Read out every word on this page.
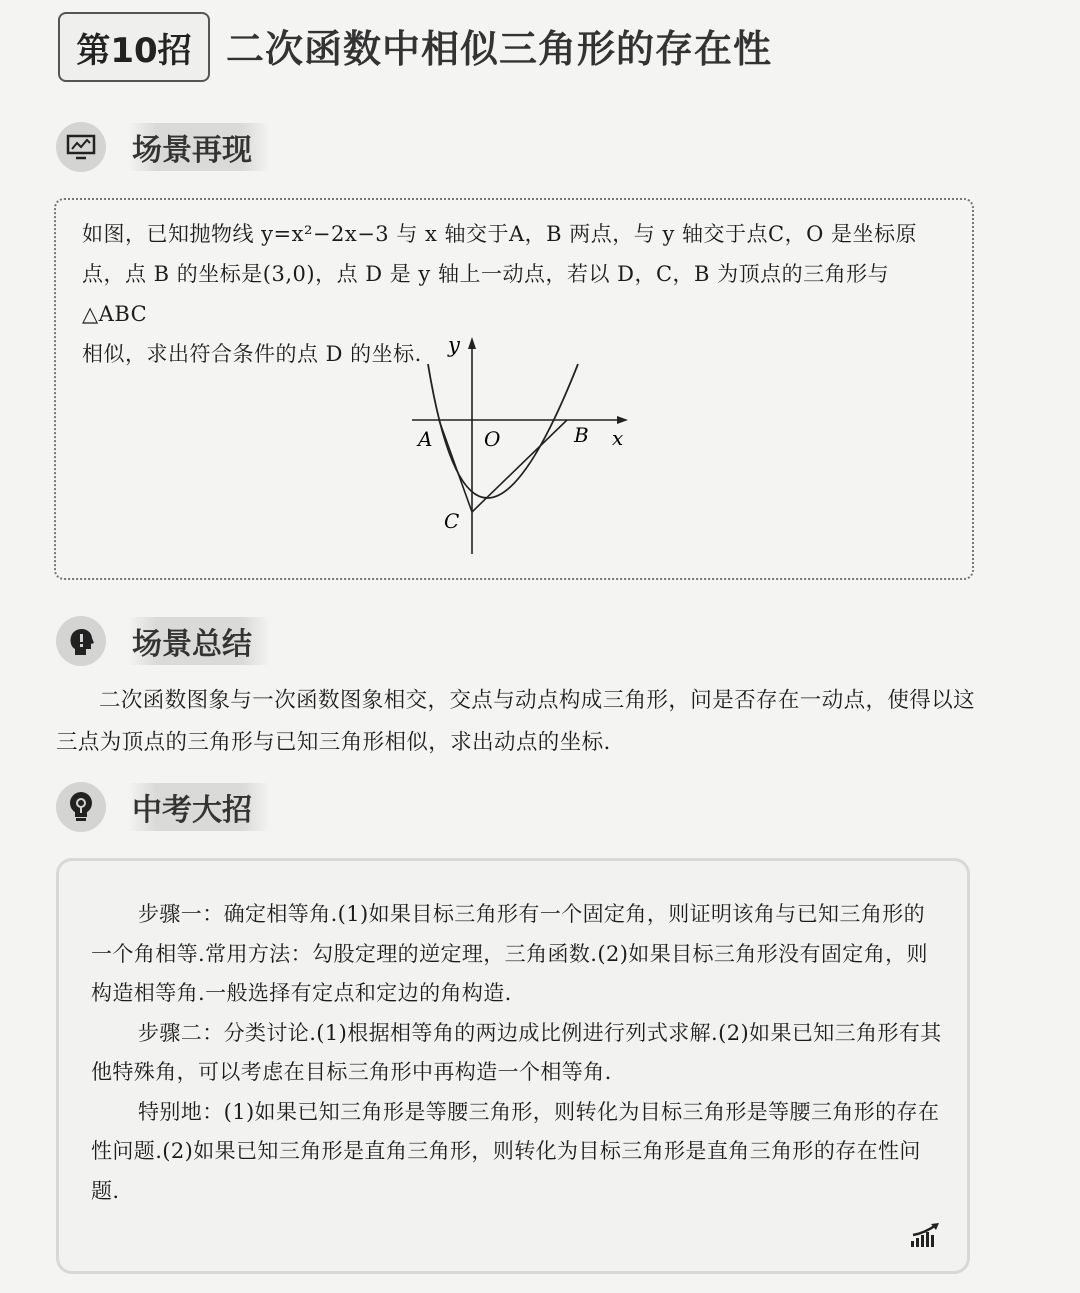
第10招 二次函数中相似三角形的存在性
场景再现
如图，已知抛物线 y=x²−2x−3 与 x 轴交于A，B 两点，与 y 轴交于点C，O 是坐标原
点，点 B 的坐标是(3,0)，点 D 是 y 轴上一动点，若以 D，C，B 为顶点的三角形与△ABC
相似，求出符合条件的点 D 的坐标.	y
x
A	O	B
C
场景总结
二次函数图象与一次函数图象相交，交点与动点构成三角形，问是否存在一动点，使得以这三点为顶点的三角形与已知三角形相似，求出动点的坐标.
中考大招

步骤一：确定相等角.(1)如果目标三角形有一个固定角，则证明该角与已知三角形的一个角相等.常用方法：勾股定理的逆定理，三角函数.(2)如果目标三角形没有固定角，则构造相等角.一般选择有定点和定边的角构造.

步骤二：分类讨论.(1)根据相等角的两边成比例进行列式求解.(2)如果已知三角形有其他特殊角，可以考虑在目标三角形中再构造一个相等角.

特别地：(1)如果已知三角形是等腰三角形，则转化为目标三角形是等腰三角形的存在性问题.(2)如果已知三角形是直角三角形，则转化为目标三角形是直角三角形的存在性问题.
